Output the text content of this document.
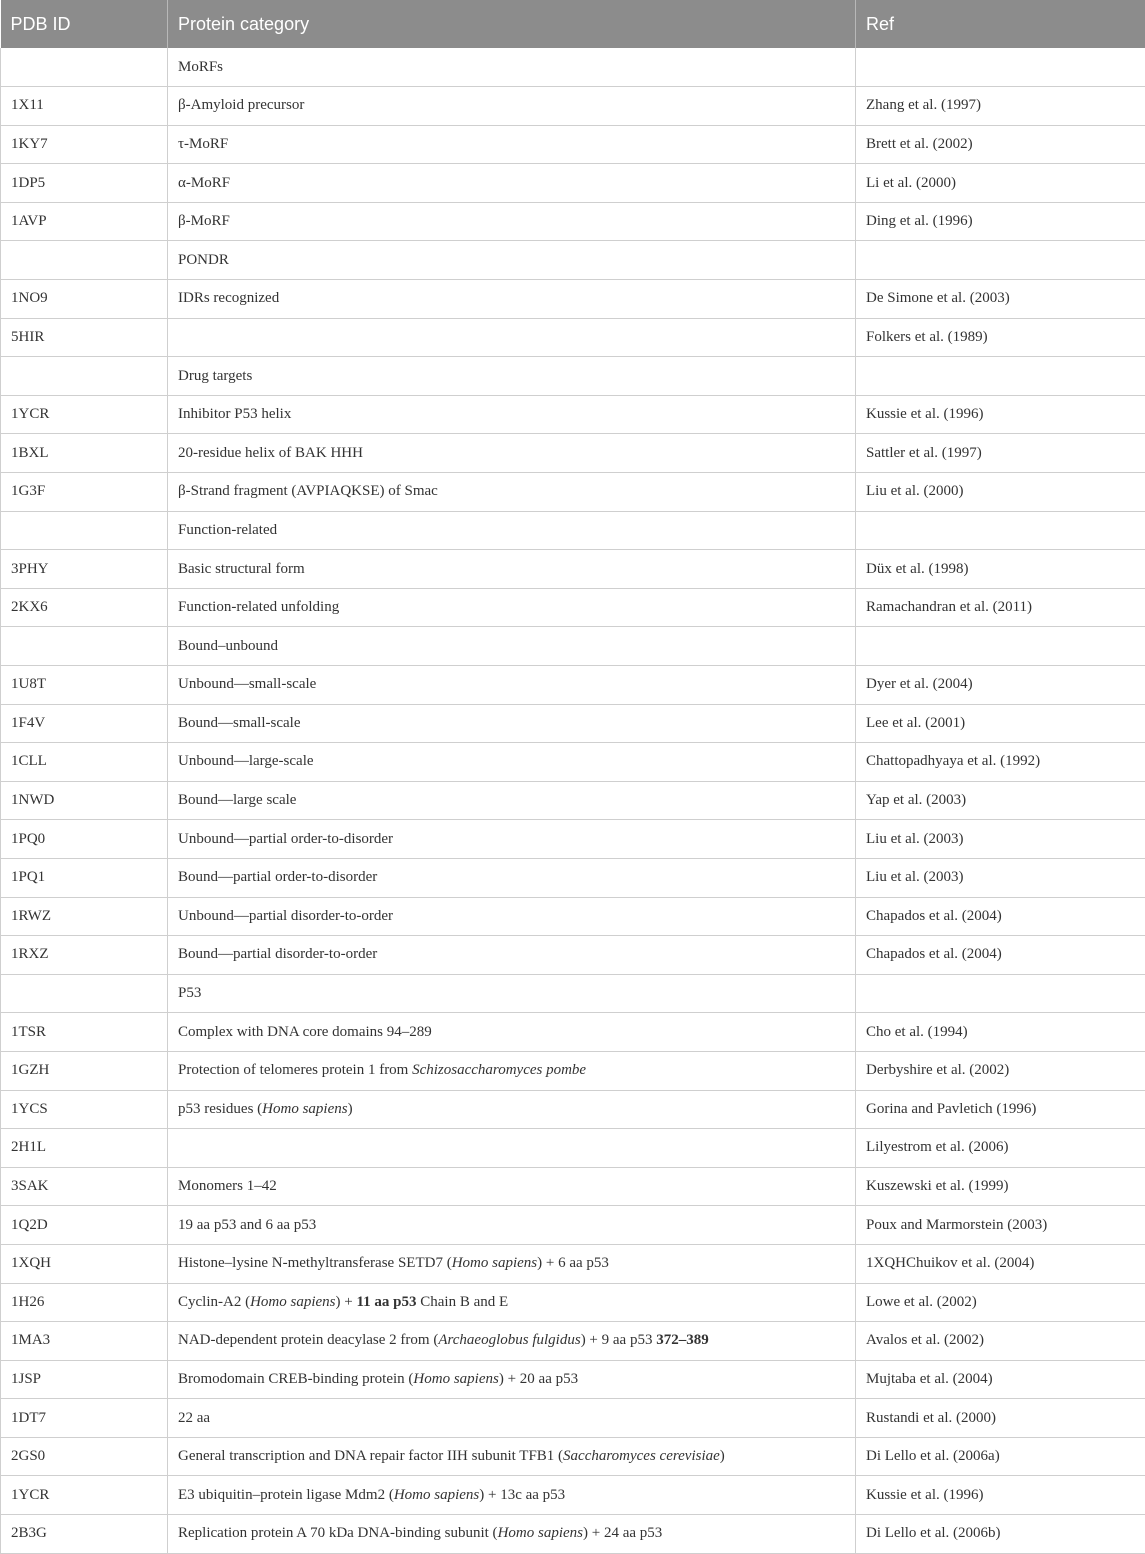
PDB ID	Protein category	Ref
	MoRFs	
1X11	β-Amyloid precursor	Zhang et al. (1997)
1KY7	τ-MoRF	Brett et al. (2002)
1DP5	α-MoRF	Li et al. (2000)
1AVP	β-MoRF	Ding et al. (1996)
	PONDR	
1NO9	IDRs recognized	De Simone et al. (2003)
5HIR		Folkers et al. (1989)
	Drug targets	
1YCR	Inhibitor P53 helix	Kussie et al. (1996)
1BXL	20-residue helix of BAK HHH	Sattler et al. (1997)
1G3F	β-Strand fragment (AVPIAQKSE) of Smac	Liu et al. (2000)
	Function-related	
3PHY	Basic structural form	Düx et al. (1998)
2KX6	Function-related unfolding	Ramachandran et al. (2011)
	Bound–unbound	
1U8T	Unbound—small-scale	Dyer et al. (2004)
1F4V	Bound—small-scale	Lee et al. (2001)
1CLL	Unbound—large-scale	Chattopadhyaya et al. (1992)
1NWD	Bound—large scale	Yap et al. (2003)
1PQ0	Unbound—partial order-to-disorder	Liu et al. (2003)
1PQ1	Bound—partial order-to-disorder	Liu et al. (2003)
1RWZ	Unbound—partial disorder-to-order	Chapados et al. (2004)
1RXZ	Bound—partial disorder-to-order	Chapados et al. (2004)
	P53	
1TSR	Complex with DNA core domains 94–289	Cho et al. (1994)
1GZH	Protection of telomeres protein 1 from Schizosaccharomyces pombe	Derbyshire et al. (2002)
1YCS	p53 residues (Homo sapiens)	Gorina and Pavletich (1996)
2H1L		Lilyestrom et al. (2006)
3SAK	Monomers 1–42	Kuszewski et al. (1999)
1Q2D	19 aa p53 and 6 aa p53	Poux and Marmorstein (2003)
1XQH	Histone–lysine N-methyltransferase SETD7 (Homo sapiens) + 6 aa p53	1XQHChuikov et al. (2004)
1H26	Cyclin-A2 (Homo sapiens) + 11 aa p53 Chain B and E	Lowe et al. (2002)
1MA3	NAD-dependent protein deacylase 2 from (Archaeoglobus fulgidus) + 9 aa p53 372–389	Avalos et al. (2002)
1JSP	Bromodomain CREB-binding protein (Homo sapiens) + 20 aa p53	Mujtaba et al. (2004)
1DT7	22 aa	Rustandi et al. (2000)
2GS0	General transcription and DNA repair factor IIH subunit TFB1 (Saccharomyces cerevisiae)	Di Lello et al. (2006a)
1YCR	E3 ubiquitin–protein ligase Mdm2 (Homo sapiens) + 13c aa p53	Kussie et al. (1996)
2B3G	Replication protein A 70 kDa DNA-binding subunit (Homo sapiens) + 24 aa p53	Di Lello et al. (2006b)
